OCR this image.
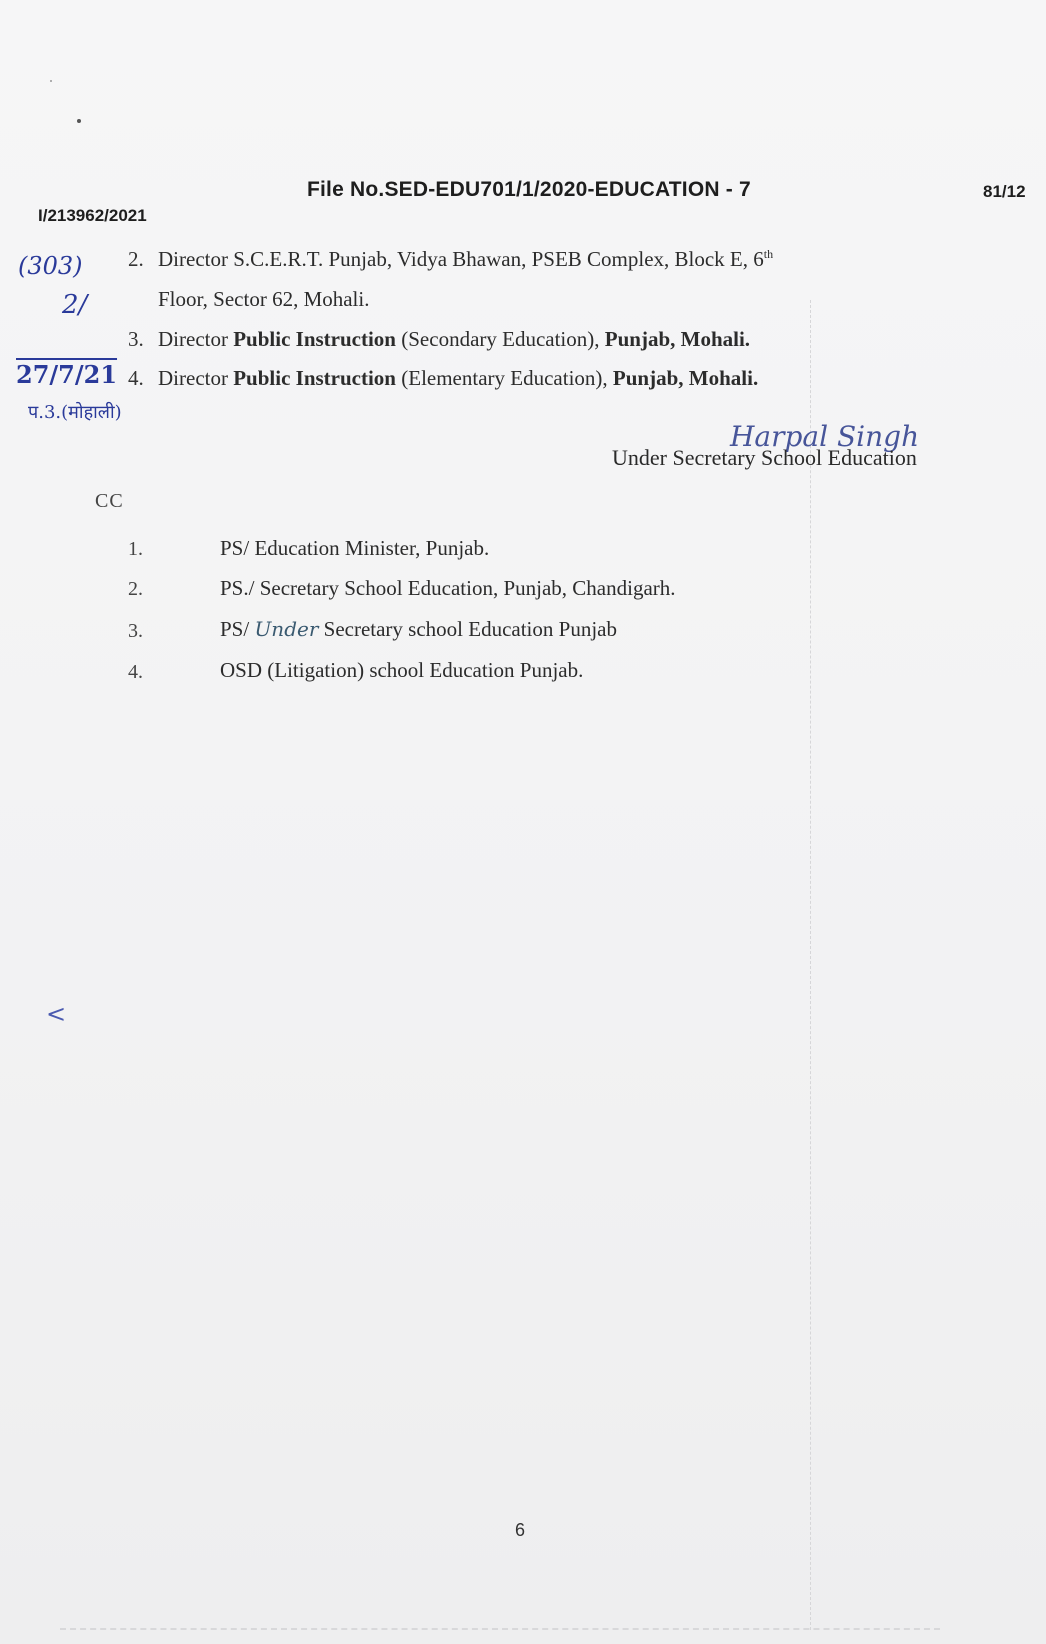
File No.SED-EDU701/1/2020-EDUCATION - 7	81/12
I/213962/2021
(303)
2/
27/7/21
प.3.(मोहाली)
<
2. Director S.C.E.R.T. Punjab, Vidya Bhawan, PSEB Complex, Block E, 6th
Floor, Sector 62, Mohali.
3. Director Public Instruction (Secondary Education), Punjab, Mohali.
4. Director Public Instruction (Elementary Education), Punjab, Mohali.
Harpal Singh
Under Secretary School Education
CC
1.	PS/ Education Minister, Punjab.
2.	PS./ Secretary School Education, Punjab, Chandigarh.
3.	PS/ Under Secretary school Education Punjab
4.	OSD (Litigation) school Education Punjab.
6
